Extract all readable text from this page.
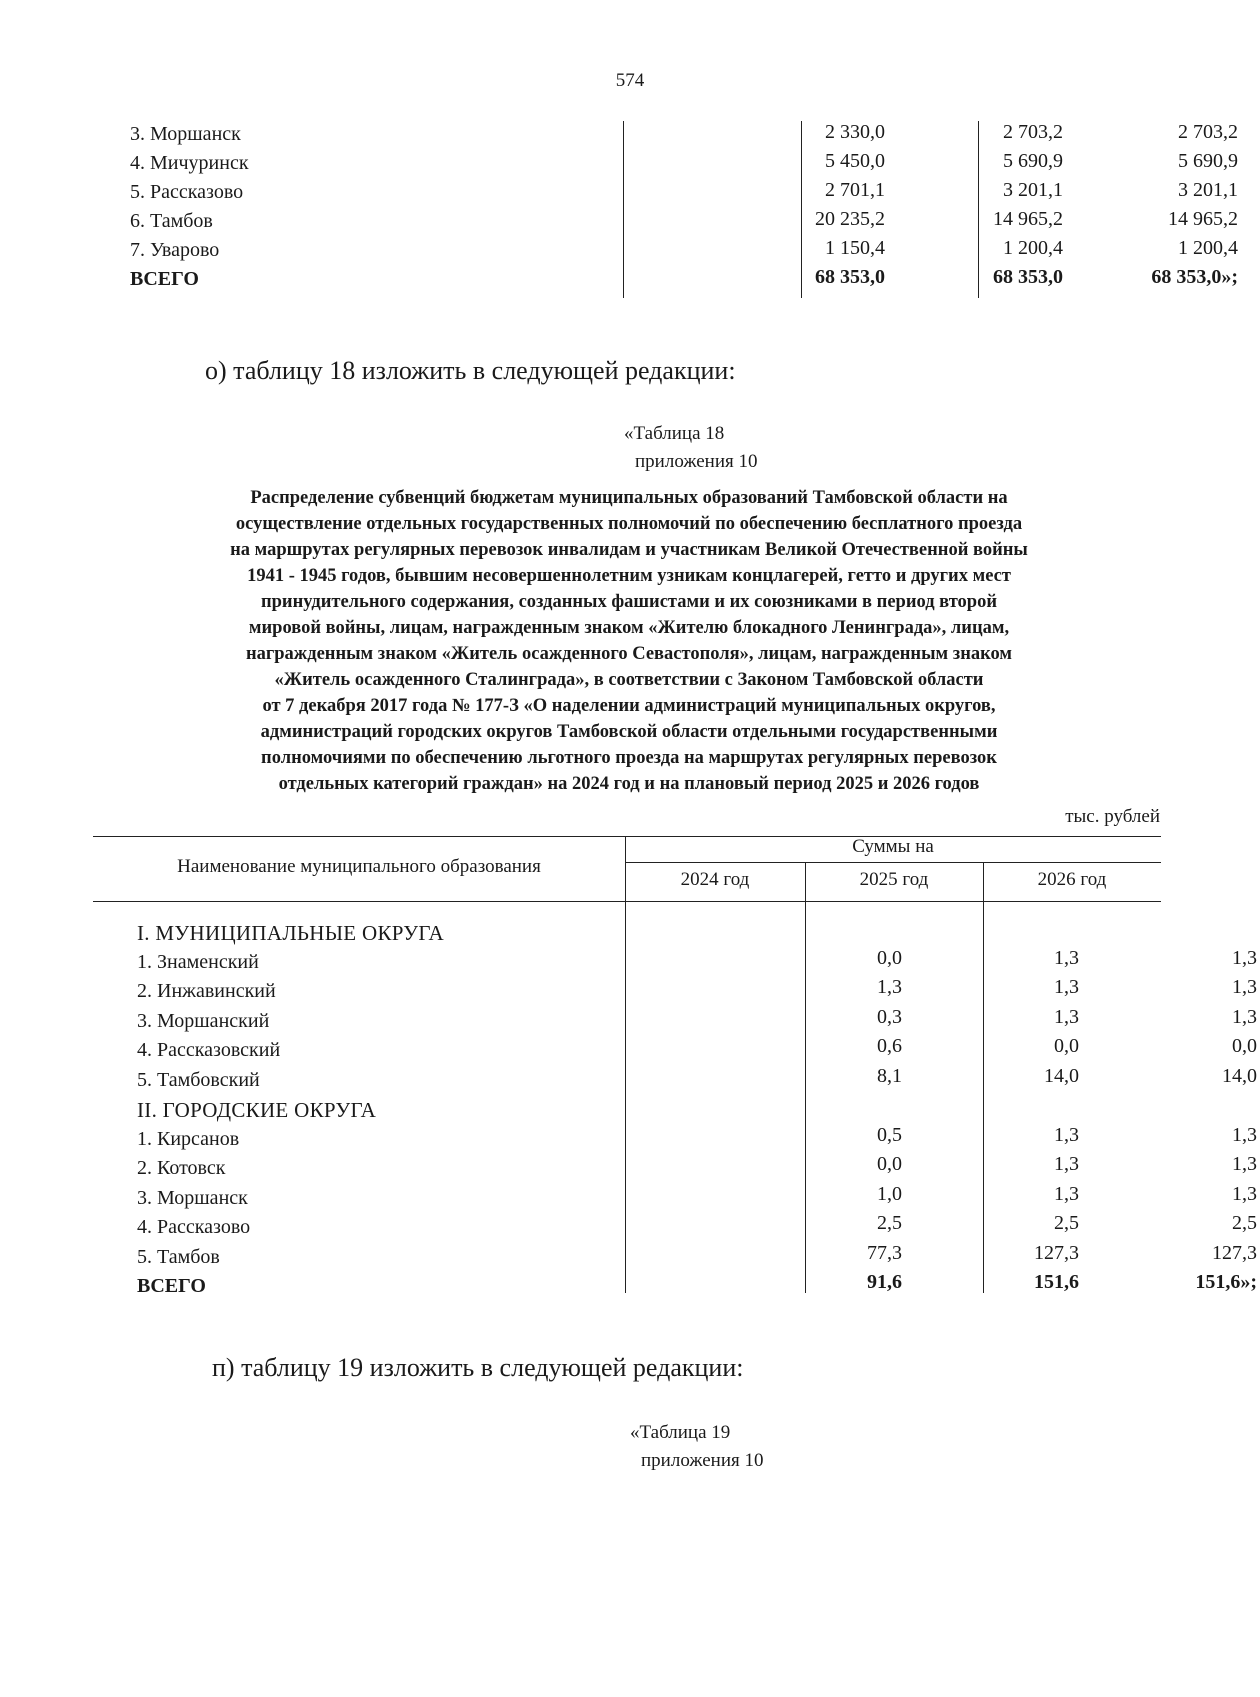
574
3. Моршанск	2 330,0	2 703,2	2 703,2
4. Мичуринск	5 450,0	5 690,9	5 690,9
5. Рассказово	2 701,1	3 201,1	3 201,1
6. Тамбов	20 235,2	14 965,2	14 965,2
7. Уварово	1 150,4	1 200,4	1 200,4
ВСЕГО	68 353,0	68 353,0	68 353,0»;
о) таблицу 18 изложить в следующей редакции:
«Таблица 18
приложения 10
Распределение субвенций бюджетам муниципальных образований Тамбовской области на
осуществление отдельных государственных полномочий по обеспечению бесплатного проезда
на маршрутах регулярных перевозок инвалидам и участникам Великой Отечественной войны
1941 - 1945 годов, бывшим несовершеннолетним узникам концлагерей, гетто и других мест
принудительного содержания, созданных фашистами и их союзниками в период второй
мировой войны, лицам, награжденным знаком «Жителю блокадного Ленинграда», лицам,
награжденным знаком «Житель осажденного Севастополя», лицам, награжденным знаком
«Житель осажденного Сталинграда», в соответствии с Законом Тамбовской области
от 7 декабря 2017 года № 177-З «О наделении администраций муниципальных округов,
администраций городских округов Тамбовской области отдельными государственными
полномочиями по обеспечению льготного проезда на маршрутах регулярных перевозок
отдельных категорий граждан» на 2024 год и на плановый период 2025 и 2026 годов
тыс. рублей
Наименование муниципального образования
Суммы на
2024 год	2025 год	2026 год
I. МУНИЦИПАЛЬНЫЕ ОКРУГА
1. Знаменский	0,0	1,3	1,3
2. Инжавинский	1,3	1,3	1,3
3. Моршанский	0,3	1,3	1,3
4. Рассказовский	0,6	0,0	0,0
5. Тамбовский	8,1	14,0	14,0
II. ГОРОДСКИЕ ОКРУГА
1. Кирсанов	0,5	1,3	1,3
2. Котовск	0,0	1,3	1,3
3. Моршанск	1,0	1,3	1,3
4. Рассказово	2,5	2,5	2,5
5. Тамбов	77,3	127,3	127,3
ВСЕГО	91,6	151,6	151,6»;
п) таблицу 19 изложить в следующей редакции:
«Таблица 19
приложения 10
